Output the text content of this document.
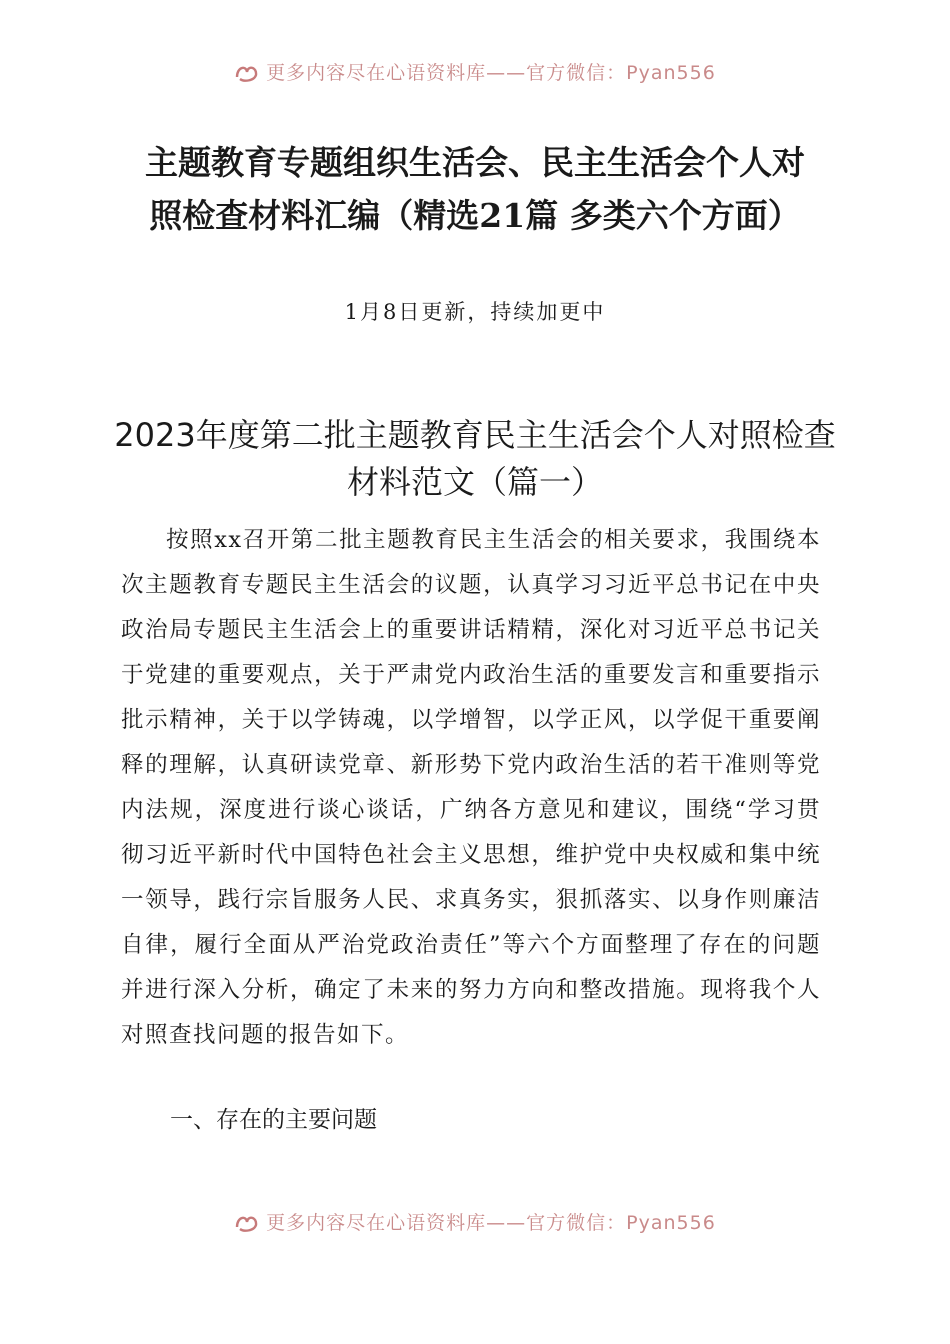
更多内容尽在心语资料库——官方微信：Pyan556
主题教育专题组织生活会、民主生活会个人对照检查材料汇编（精选21篇 多类六个方面）
1月8日更新，持续加更中
2023年度第二批主题教育民主生活会个人对照检查材料范文（篇一）

按照xx召开第二批主题教育民主生活会的相关要求，我围绕本次主题教育专题民主生活会的议题，认真学习习近平总书记在中央政治局专题民主生活会上的重要讲话精精，深化对习近平总书记关于党建的重要观点，关于严肃党内政治生活的重要发言和重要指示批示精神，关于以学铸魂，以学增智，以学正风，以学促干重要阐释的理解，认真研读党章、新形势下党内政治生活的若干准则等党内法规，深度进行谈心谈话，广纳各方意见和建议，围绕“学习贯彻习近平新时代中国特色社会主义思想，维护党中央权威和集中统一领导，践行宗旨服务人民、求真务实，狠抓落实、以身作则廉洁自律，履行全面从严治党政治责任”等六个方面整理了存在的问题并进行深入分析，确定了未来的努力方向和整改措施。现将我个人对照查找问题的报告如下。

一、存在的主要问题
更多内容尽在心语资料库——官方微信：Pyan556
